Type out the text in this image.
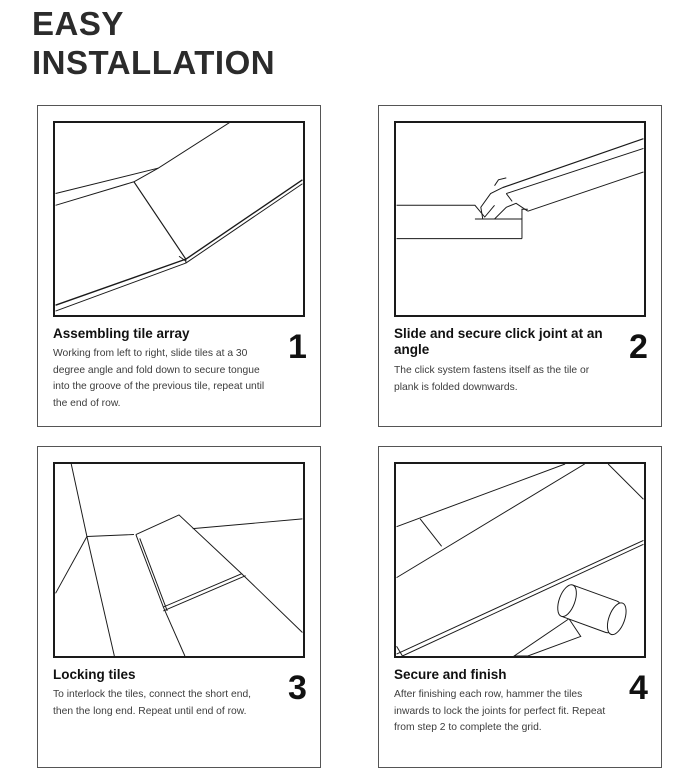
EASY
INSTALLATION
Assembling tile array
Working from left to right, slide tiles at a 30 degree angle and fold down to secure tongue into the groove of the previous tile, repeat until the end of row.
1	Slide and secure click joint at an angle
The click system fastens itself as the tile or plank is folded downwards.
2
Locking tiles
To interlock the tiles, connect the short end, then the long end. Repeat until end of row.
3	Secure and finish
After finishing each row, hammer the tiles inwards to lock the joints for perfect fit. Repeat from step 2 to complete the grid.
4
